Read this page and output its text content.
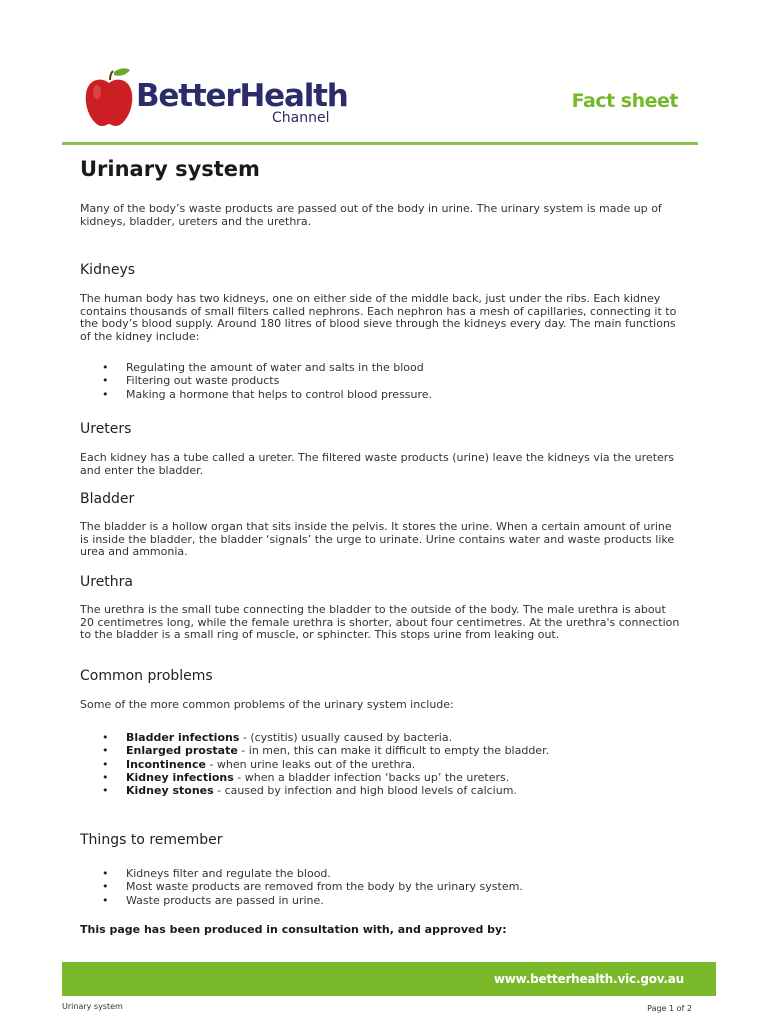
BetterHealth
Channel
Fact sheet
Urinary system

Many of the body’s waste products are passed out of the body in urine. The urinary system is made up of kidneys, bladder, ureters and the urethra.

Kidneys

The human body has two kidneys, one on either side of the middle back, just under the ribs. Each kidney contains thousands of small filters called nephrons. Each nephron has a mesh of capillaries, connecting it to the body’s blood supply. Around 180 litres of blood sieve through the kidneys every day. The main functions of the kidney include:

• Regulating the amount of water and salts in the blood
• Filtering out waste products
• Making a hormone that helps to control blood pressure.
Ureters

Each kidney has a tube called a ureter. The filtered waste products (urine) leave the kidneys via the ureters and enter the bladder.

Bladder

The bladder is a hollow organ that sits inside the pelvis. It stores the urine. When a certain amount of urine is inside the bladder, the bladder ‘signals’ the urge to urinate. Urine contains water and waste products like urea and ammonia.

Urethra

The urethra is the small tube connecting the bladder to the outside of the body. The male urethra is about 20 centimetres long, while the female urethra is shorter, about four centimetres. At the urethra's connection to the bladder is a small ring of muscle, or sphincter. This stops urine from leaking out.

Common problems

Some of the more common problems of the urinary system include:

• Bladder infections - (cystitis) usually caused by bacteria.
• Enlarged prostate - in men, this can make it difficult to empty the bladder.
• Incontinence - when urine leaks out of the urethra.
• Kidney infections - when a bladder infection ‘backs up’ the ureters.
• Kidney stones - caused by infection and high blood levels of calcium.
Things to remember
• Kidneys filter and regulate the blood.
• Most waste products are removed from the body by the urinary system.
• Waste products are passed in urine.
This page has been produced in consultation with, and approved by:
www.betterhealth.vic.gov.au
Urinary system	Page 1 of 2
